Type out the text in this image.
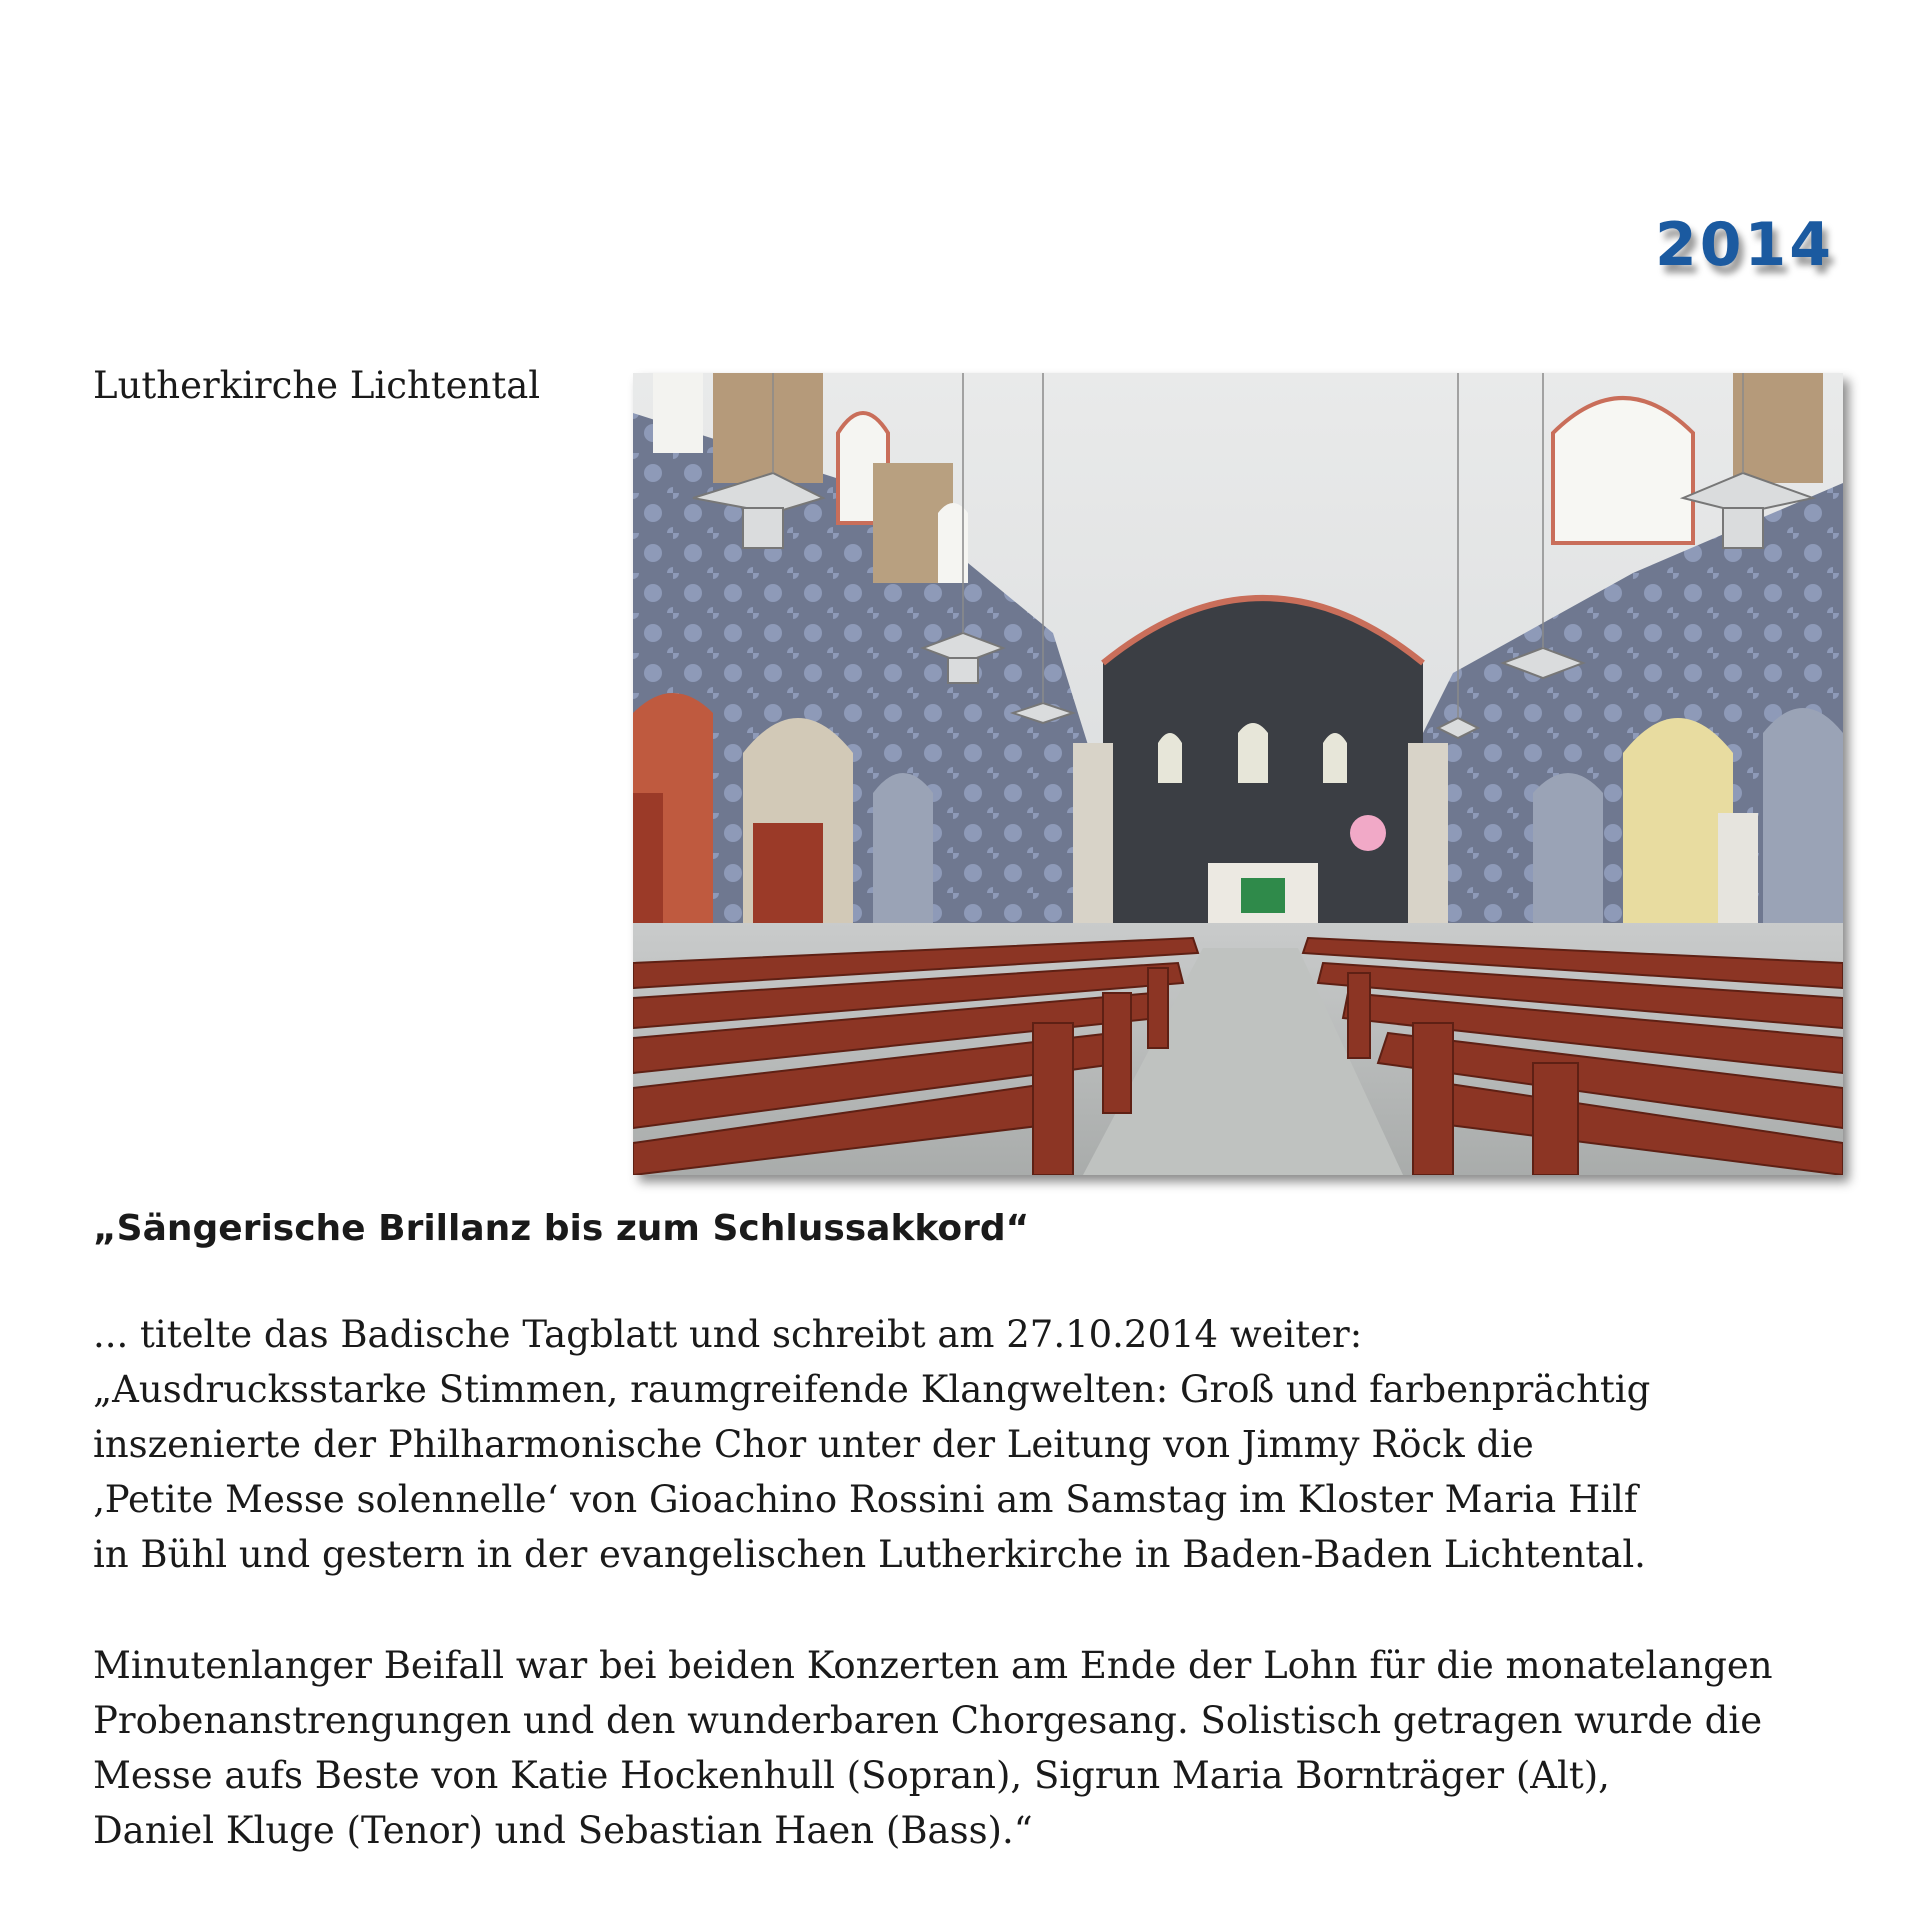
2014
Lutherkirche Lichtental
„Sängerische Brillanz bis zum Schlussakkord“
... titelte das Badische Tagblatt und schreibt am 27.10.2014 weiter:
„Ausdrucksstarke Stimmen, raumgreifende Klangwelten: Groß und farbenprächtig
inszenierte der Philharmonische Chor unter der Leitung von Jimmy Röck die
‚Petite Messe solennelle‘ von Gioachino Rossini am Samstag im Kloster Maria Hilf
in Bühl und gestern in der evangelischen Lutherkirche in Baden-Baden Lichtental.
Minutenlanger Beifall war bei beiden Konzerten am Ende der Lohn für die monatelangen
Probenanstrengungen und den wunderbaren Chorgesang. Solistisch getragen wurde die
Messe aufs Beste von Katie Hockenhull (Sopran), Sigrun Maria Bornträger (Alt),
Daniel Kluge (Tenor) und Sebastian Haen (Bass).“
